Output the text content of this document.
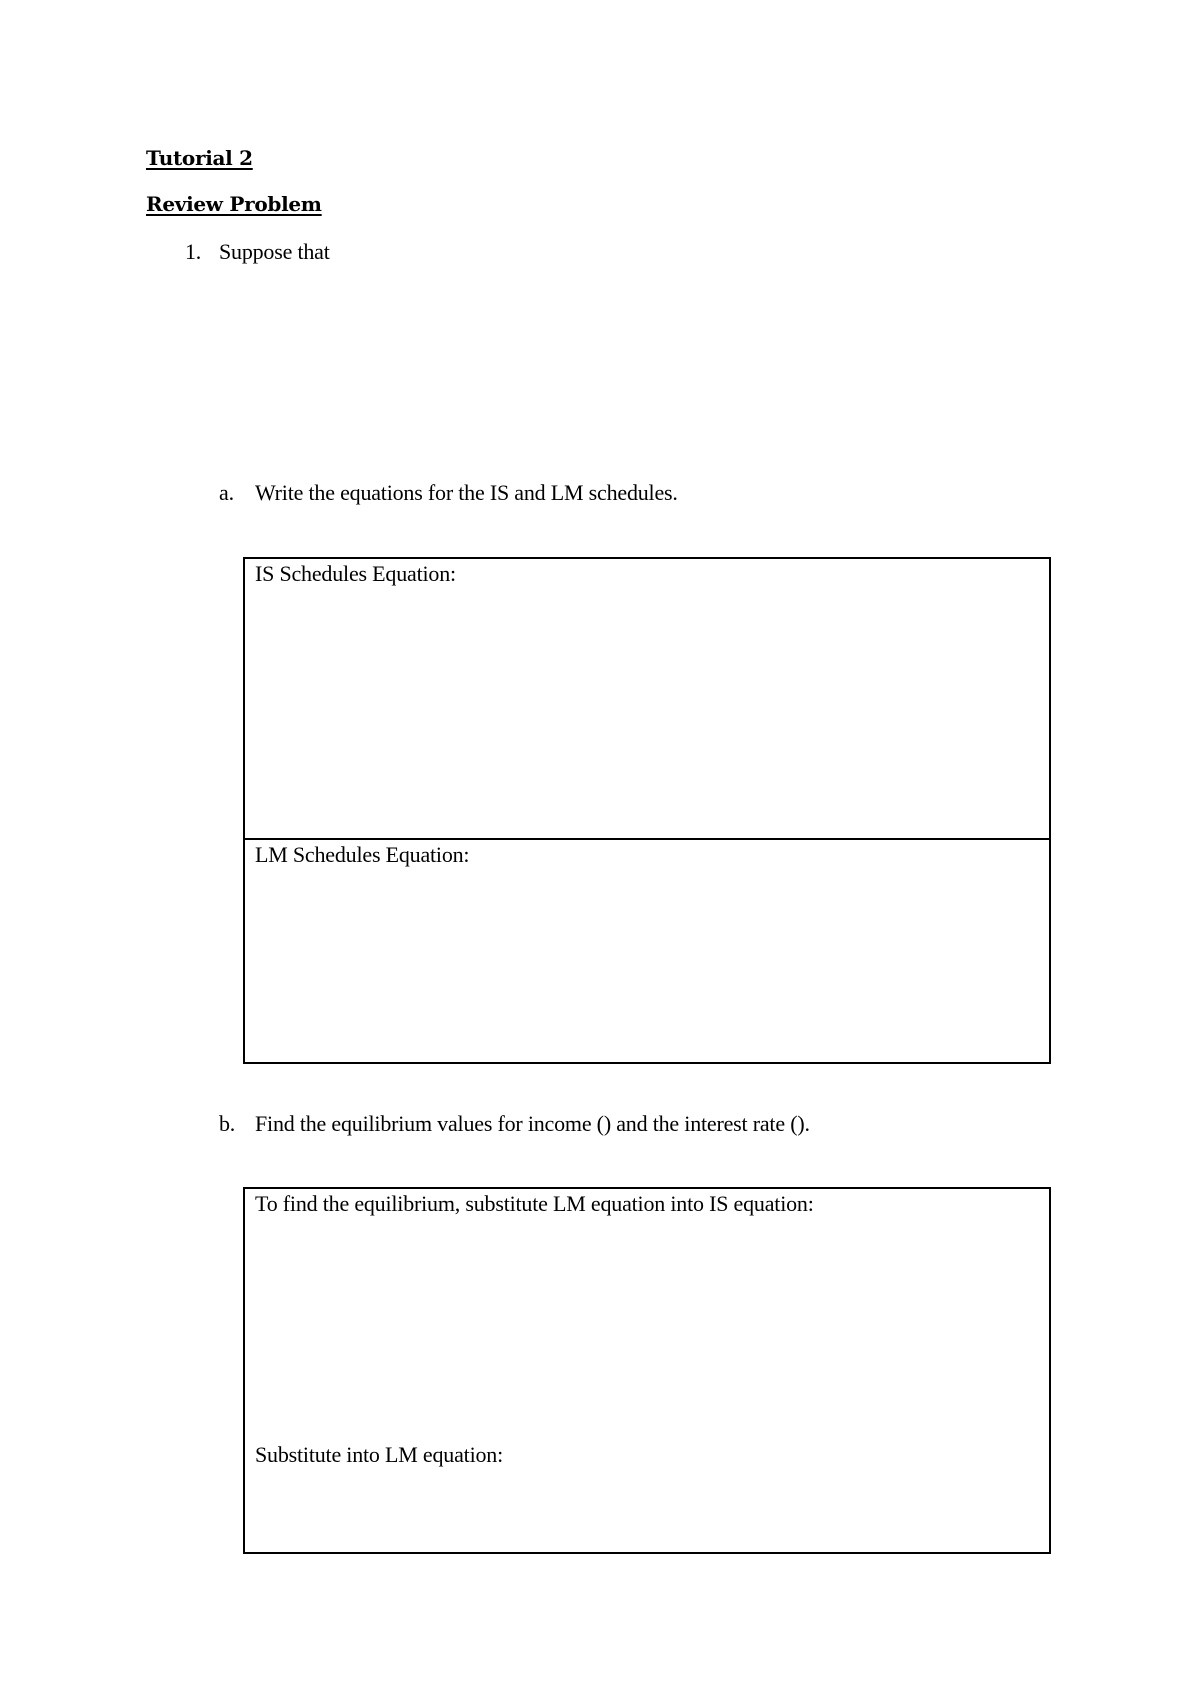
Tutorial 2
Review Problem
1. Suppose that
a. Write the equations for the IS and LM schedules.
IS Schedules Equation:
LM Schedules Equation:
b. Find the equilibrium values for income () and the interest rate ().
To find the equilibrium, substitute LM equation into IS equation:
Substitute into LM equation:
